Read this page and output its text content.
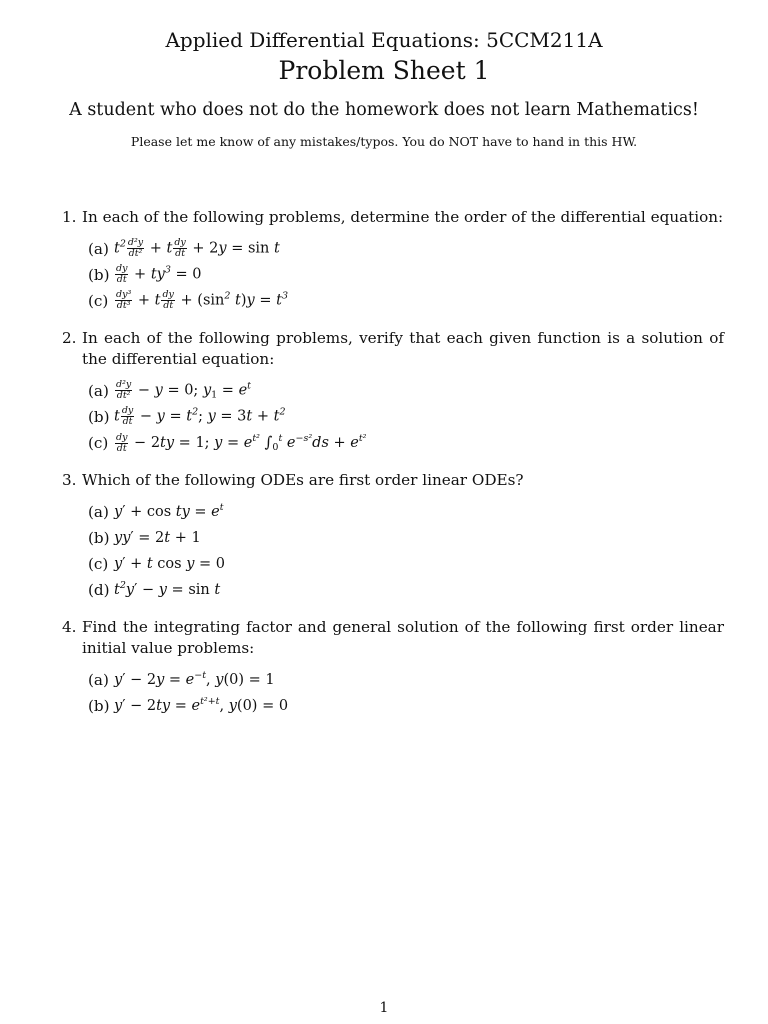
Applied Differential Equations: 5CCM211A
Problem Sheet 1
A student who does not do the homework does not learn Mathematics!
Please let me know of any mistakes/typos. You do NOT have to hand in this HW.
1. In each of the following problems, determine the order of the differential equation:
(a) $t^2 \frac{\text{d²y}}{\text{dt²}} + t \frac{dy}{dt} + 2y = \sin t$
$(b) \frac{dy}{dt} + ty^3 = 0$
$(c) \frac{\text{dy³}}{\text{dt³}} + t \frac{dy}{dt} + (\sin^2$ $t)y = t^3$
2. In each of the following problems, verify that each given function is a solution of the differential equation:
$(a) \frac{\text{d²y}}{\text{dt²}} - y = 0$; $y_1 = e^t$
(b) t $\frac{dy}{dt} - y = t^2$; $y = 3t + t^2$
$(c) \frac{dy}{dt} - 2ty = 1$; $y = e^{t^2}$ $\int_0^t$ $e^{-s^2}ds + e^{t^2}$
3. Which of the following ODEs are first order linear ODEs?
(a) y′ + cos ty = $e^t$
(b) yy′ = 2t + 1
(c) y′ + t cos y = 0
(d) $t^2y' - y = \sin t$
4. Find the integrating factor and general solution of the following first order linear initial value problems:
(a) $y' - 2y = e^{-t}$, y(0) = 1
(b) $y' - 2ty = e^{t^2+t}$, y(0) = 0
1
